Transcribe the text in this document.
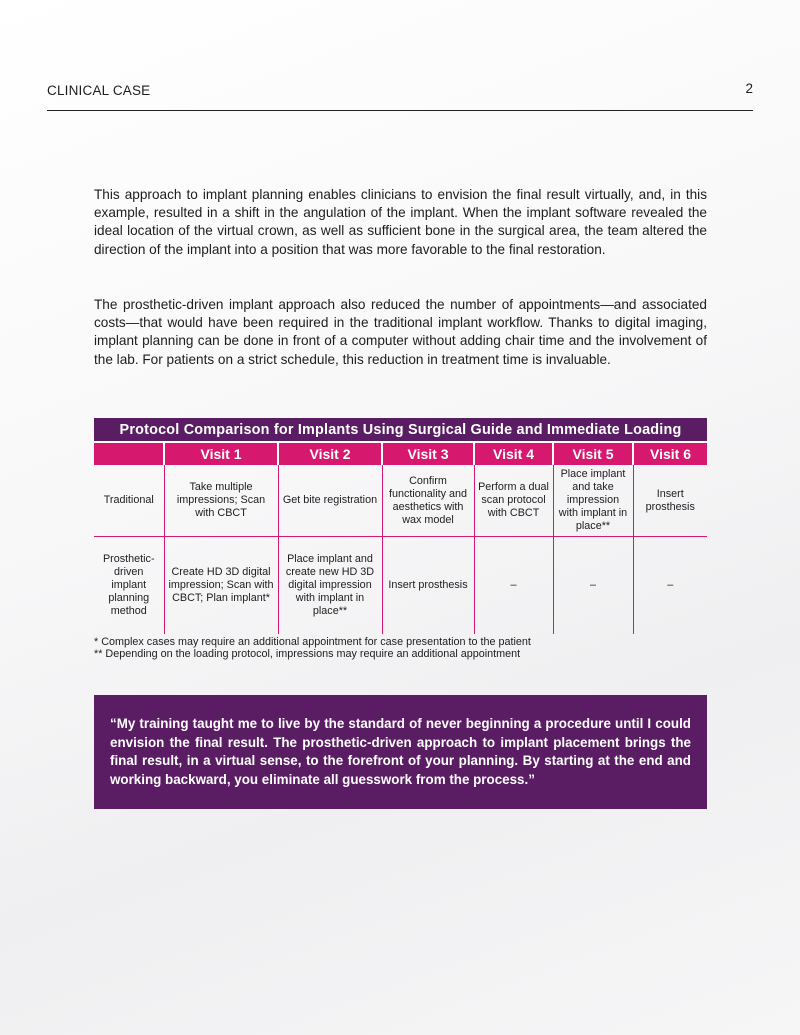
CLINICAL CASE	2

This approach to implant planning enables clinicians to envision the final result virtually, and, in this example, resulted in a shift in the angulation of the implant. When the implant software revealed the ideal location of the virtual crown, as well as sufficient bone in the surgical area, the team altered the direction of the implant into a position that was more favorable to the final restoration.

The prosthetic-driven implant approach also reduced the number of appointments—and associated costs—that would have been required in the traditional implant workflow. Thanks to digital imaging, implant planning can be done in front of a computer without adding chair time and the involvement of the lab. For patients on a strict schedule, this reduction in treatment time is invaluable.

Protocol Comparison for Implants Using Surgical Guide and Immediate Loading
	Visit 1	Visit 2	Visit 3	Visit 4	Visit 5	Visit 6
Traditional	Take multiple impressions; Scan with CBCT	Get bite registration	Confirm functionality and aesthetics with wax model	Perform a dual scan protocol with CBCT	Place implant and take impression with implant in place**	Insert prosthesis
Prosthetic-driven implant planning method	Create HD 3D digital impression; Scan with CBCT; Plan implant*	Place implant and create new HD 3D digital impression with implant in place**	Insert prosthesis	–	–	–
* Complex cases may require an additional appointment for case presentation to the patient
** Depending on the loading protocol, impressions may require an additional appointment

“My training taught me to live by the standard of never beginning a procedure until I could envision the final result. The prosthetic-driven approach to implant placement brings the final result, in a virtual sense, to the forefront of your planning. By starting at the end and working backward, you eliminate all guesswork from the process.”
